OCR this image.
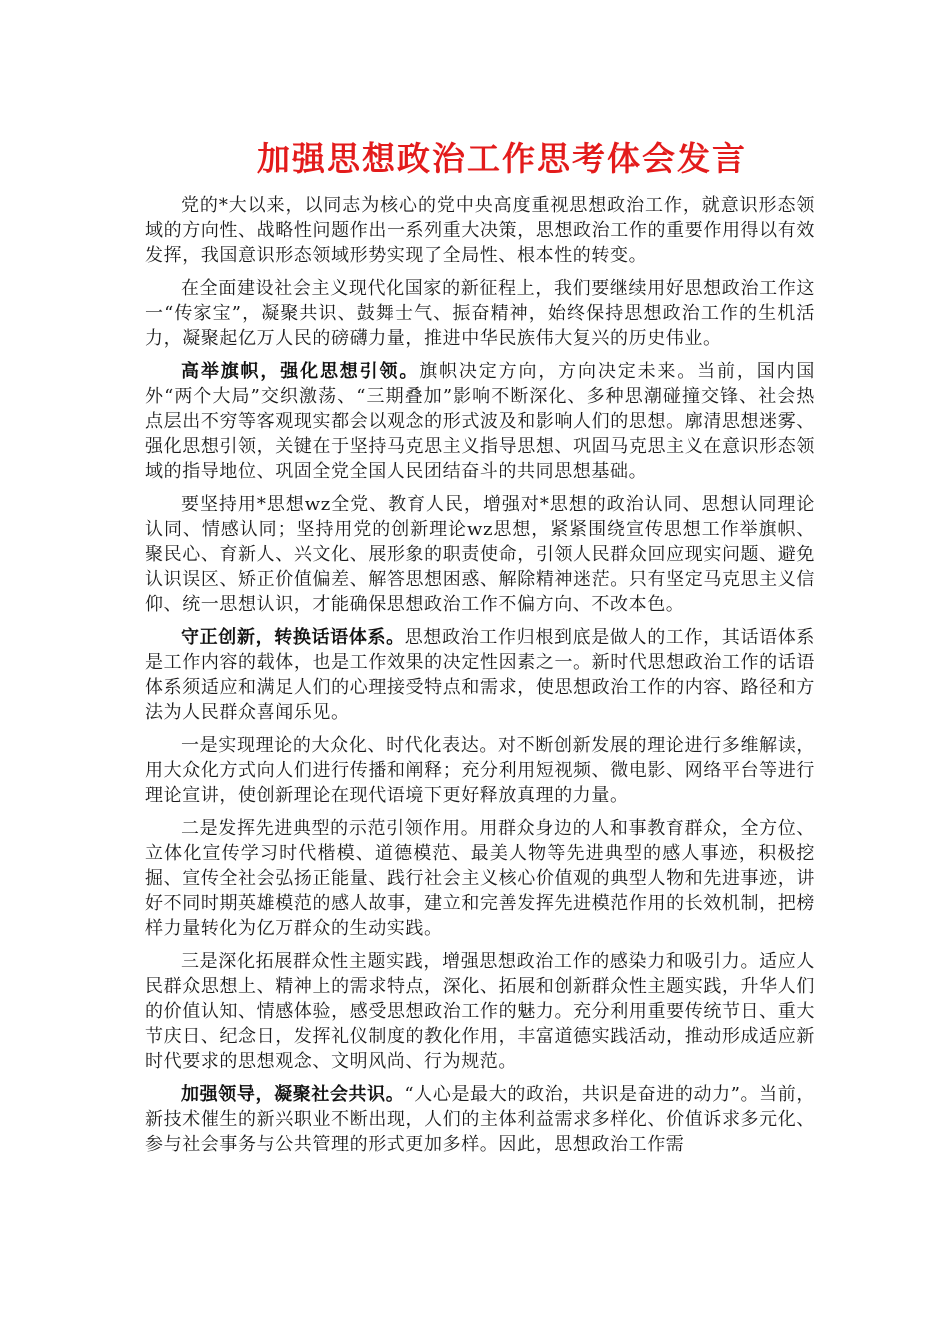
加强思想政治工作思考体会发言

党的*大以来，以同志为核心的党中央高度重视思想政治工作，就意识形态领域的方向性、战略性问题作出一系列重大决策，思想政治工作的重要作用得以有效发挥，我国意识形态领域形势实现了全局性、根本性的转变。

在全面建设社会主义现代化国家的新征程上，我们要继续用好思想政治工作这一“传家宝”，凝聚共识、鼓舞士气、振奋精神，始终保持思想政治工作的生机活力，凝聚起亿万人民的磅礴力量，推进中华民族伟大复兴的历史伟业。

高举旗帜，强化思想引领。旗帜决定方向，方向决定未来。当前，国内国外“两个大局”交织激荡、“三期叠加”影响不断深化、多种思潮碰撞交锋、社会热点层出不穷等客观现实都会以观念的形式波及和影响人们的思想。廓清思想迷雾、强化思想引领，关键在于坚持马克思主义指导思想、巩固马克思主义在意识形态领域的指导地位、巩固全党全国人民团结奋斗的共同思想基础。

要坚持用*思想wz全党、教育人民，增强对*思想的政治认同、思想认同理论认同、情感认同；坚持用党的创新理论wz思想，紧紧围绕宣传思想工作举旗帜、聚民心、育新人、兴文化、展形象的职责使命，引领人民群众回应现实问题、避免认识误区、矫正价值偏差、解答思想困惑、解除精神迷茫。只有坚定马克思主义信仰、统一思想认识，才能确保思想政治工作不偏方向、不改本色。

守正创新，转换话语体系。思想政治工作归根到底是做人的工作，其话语体系是工作内容的载体，也是工作效果的决定性因素之一。新时代思想政治工作的话语体系须适应和满足人们的心理接受特点和需求，使思想政治工作的内容、路径和方法为人民群众喜闻乐见。

一是实现理论的大众化、时代化表达。对不断创新发展的理论进行多维解读，用大众化方式向人们进行传播和阐释；充分利用短视频、微电影、网络平台等进行理论宣讲，使创新理论在现代语境下更好释放真理的力量。

二是发挥先进典型的示范引领作用。用群众身边的人和事教育群众，全方位、立体化宣传学习时代楷模、道德模范、最美人物等先进典型的感人事迹，积极挖掘、宣传全社会弘扬正能量、践行社会主义核心价值观的典型人物和先进事迹，讲好不同时期英雄模范的感人故事，建立和完善发挥先进模范作用的长效机制，把榜样力量转化为亿万群众的生动实践。

三是深化拓展群众性主题实践，增强思想政治工作的感染力和吸引力。适应人民群众思想上、精神上的需求特点，深化、拓展和创新群众性主题实践，升华人们的价值认知、情感体验，感受思想政治工作的魅力。充分利用重要传统节日、重大节庆日、纪念日，发挥礼仪制度的教化作用，丰富道德实践活动，推动形成适应新时代要求的思想观念、文明风尚、行为规范。

加强领导，凝聚社会共识。“人心是最大的政治，共识是奋进的动力”。当前，新技术催生的新兴职业不断出现，人们的主体利益需求多样化、价值诉求多元化、参与社会事务与公共管理的形式更加多样。因此，思想政治工作需
